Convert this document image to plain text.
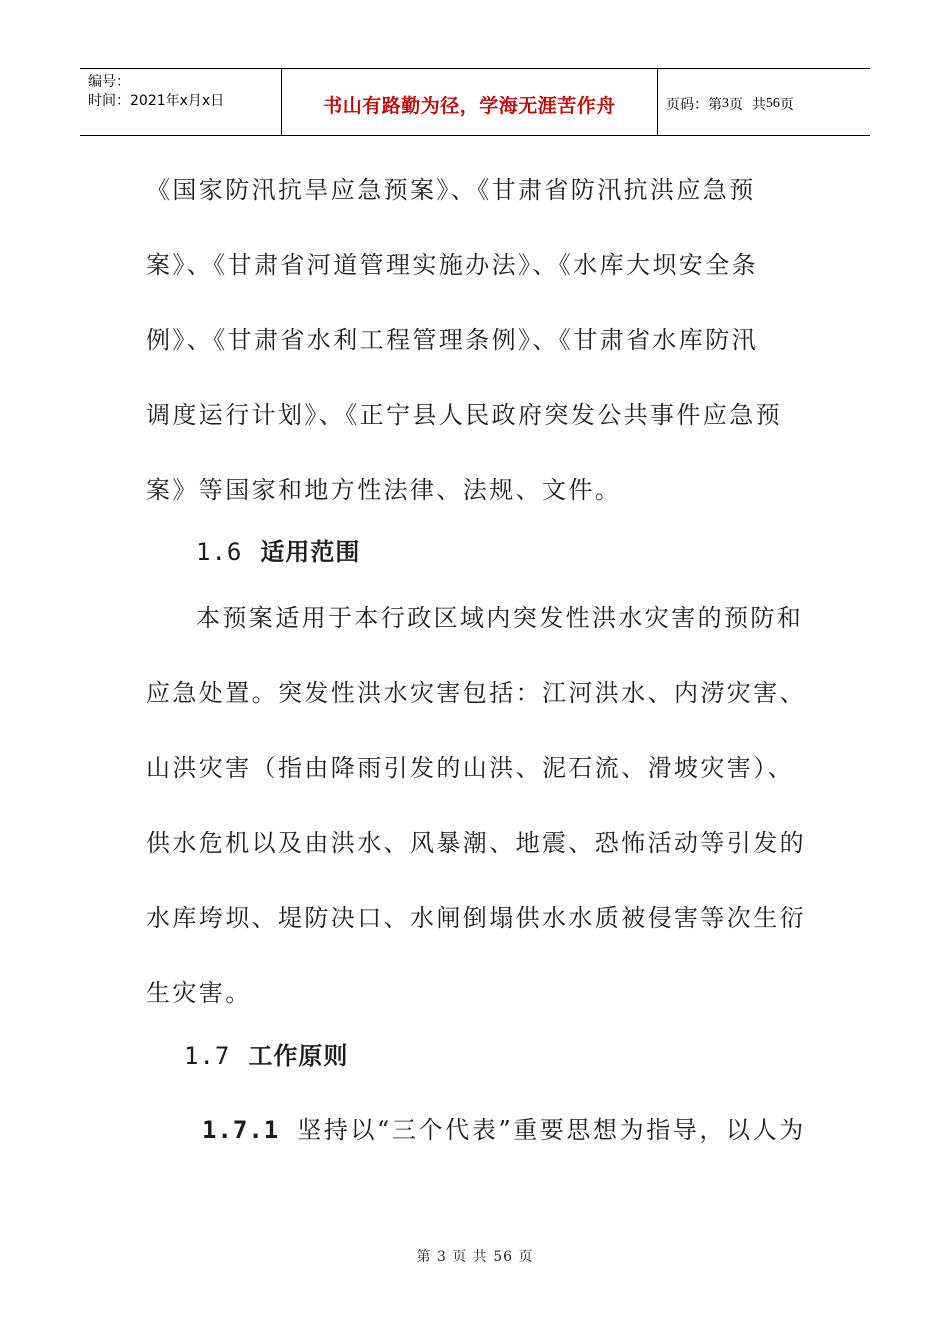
编号：
时间：2021年x月x日	书山有路勤为径，学海无涯苦作舟	页码：第 3 页  共 56 页
《国家防汛抗旱应急预案》、《甘肃省防汛抗洪应急预
案》、《甘肃省河道管理实施办法》、《水库大坝安全条
例》、《甘肃省水利工程管理条例》、《甘肃省水库防汛
调度运行计划》、《正宁县人民政府突发公共事件应急预
案》等国家和地方性法律、法规、文件。
1.6 适用范围
本预案适用于本行政区域内突发性洪水灾害的预防和
应急处置。突发性洪水灾害包括：江河洪水、内涝灾害、
山洪灾害（指由降雨引发的山洪、泥石流、滑坡灾害）、
供水危机以及由洪水、风暴潮、地震、恐怖活动等引发的
水库垮坝、堤防决口、水闸倒塌供水水质被侵害等次生衍
生灾害。
1.7 工作原则
1.7.1 坚持以“三个代表”重要思想为指导，以人为
第 3 页 共 56 页
